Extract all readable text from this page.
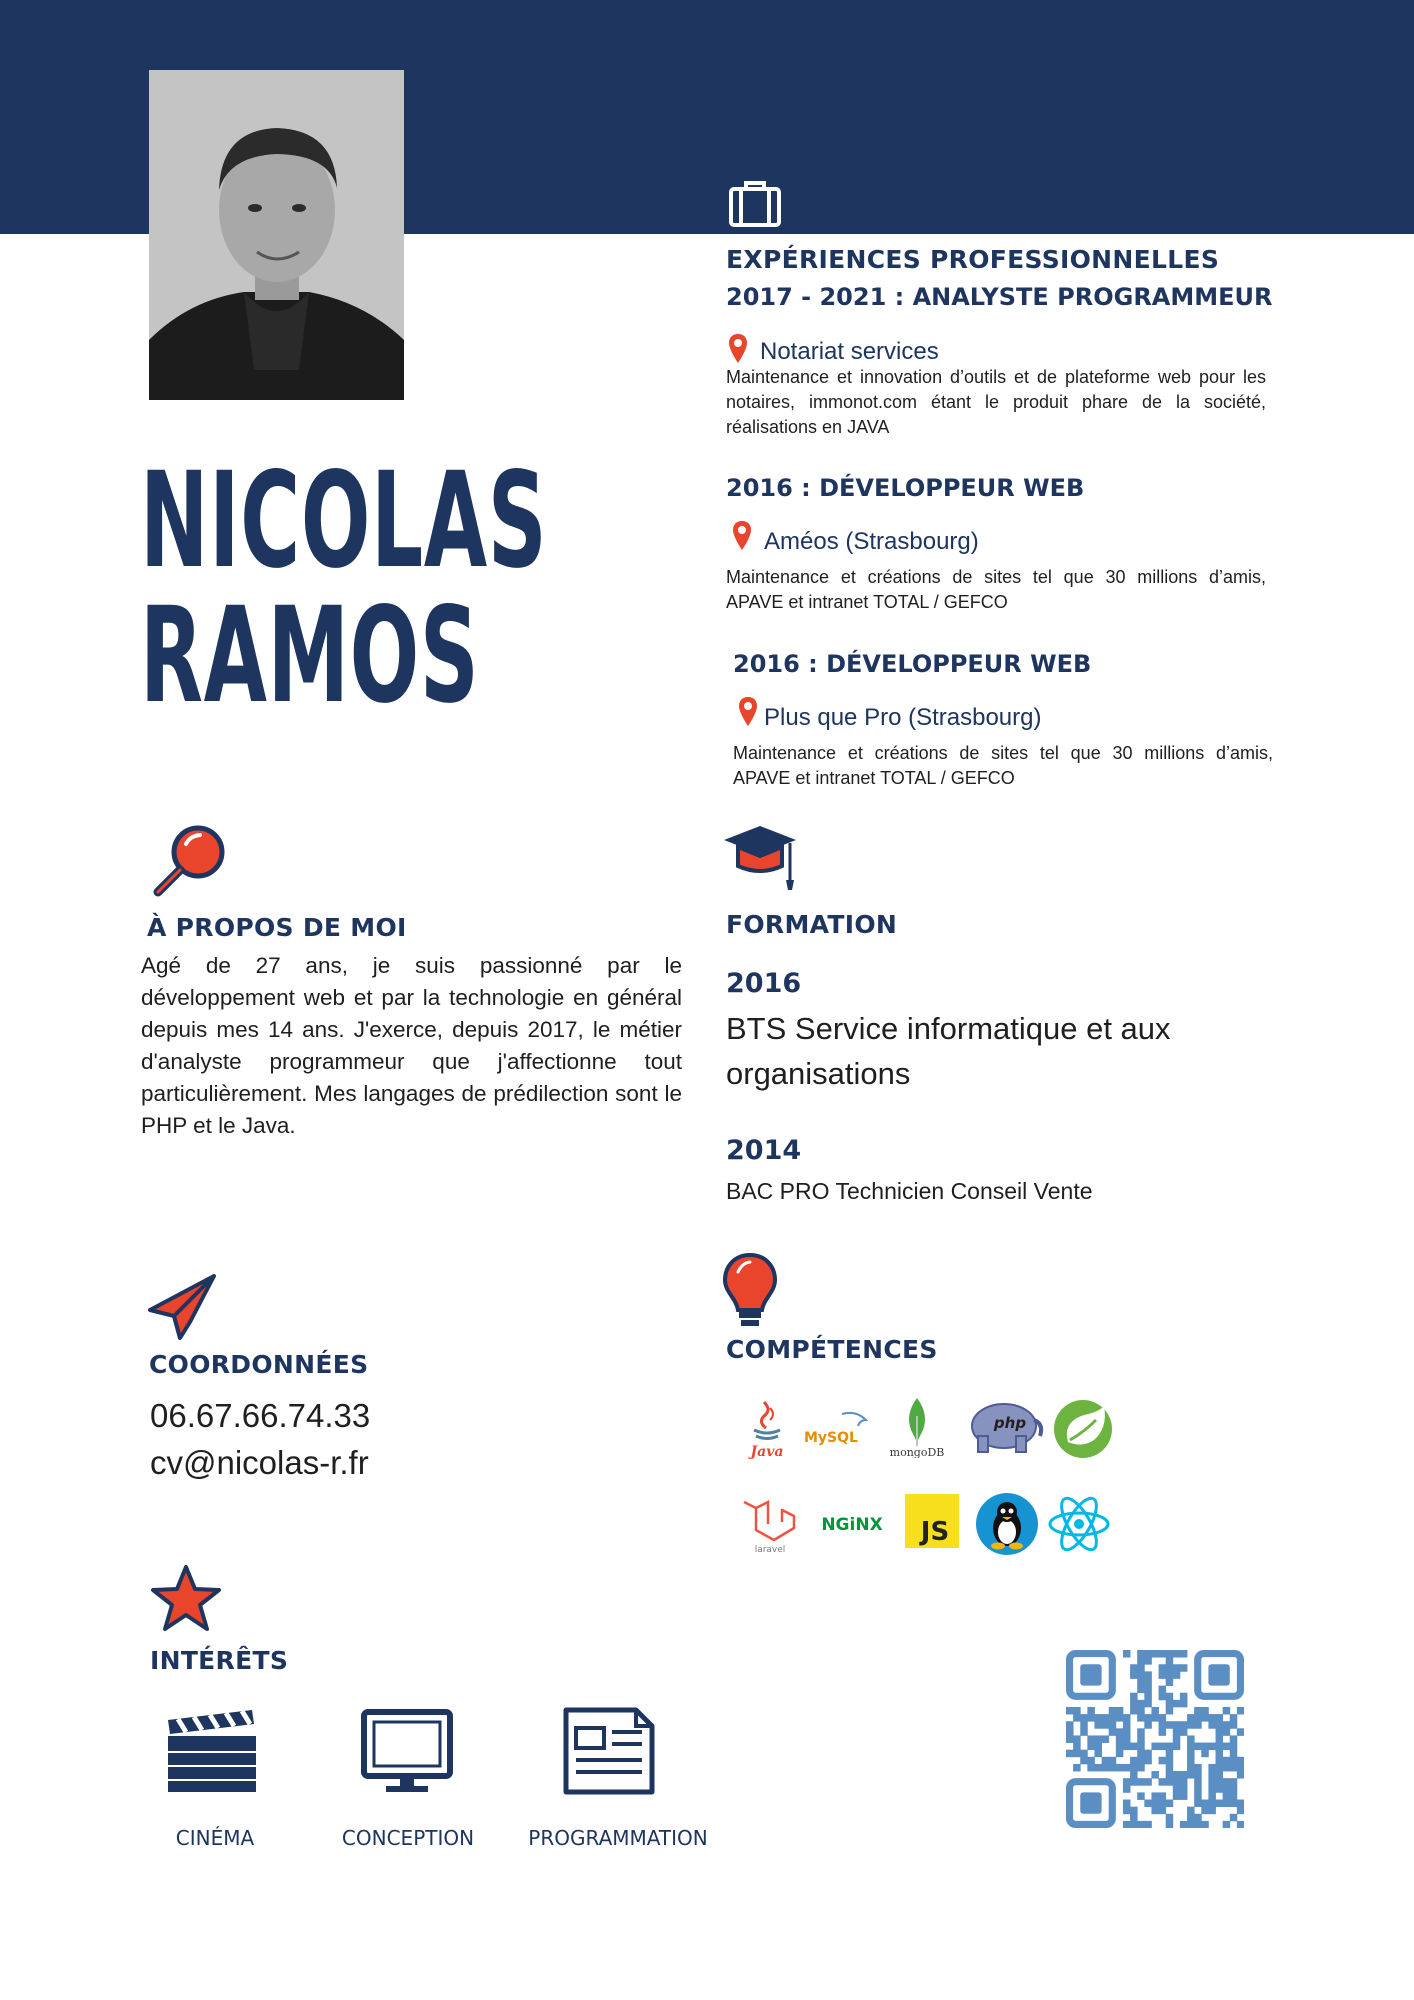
NICOLAS
RAMOS
EXPÉRIENCES PROFESSIONNELLES
2017 - 2021 : ANALYSTE PROGRAMMEUR
Notariat services
Maintenance et innovation d’outils et de plateforme web pour les notaires, immonot.com étant le produit phare de la société, réalisations en JAVA
2016 : DÉVELOPPEUR WEB
Améos (Strasbourg)
Maintenance et créations de sites tel que 30 millions d’amis, APAVE et intranet TOTAL / GEFCO
2016 : DÉVELOPPEUR WEB
Plus que Pro (Strasbourg)
Maintenance et créations de sites tel que 30 millions d’amis, APAVE et intranet TOTAL / GEFCO
À PROPOS DE MOI
Agé de 27 ans, je suis passionné par le développement web et par la technologie en général depuis mes 14 ans. J'exerce, depuis 2017, le métier d'analyste programmeur que j'affectionne tout particulièrement. Mes langages de prédilection sont le PHP et le Java.
FORMATION
2016
BTS Service informatique et aux organisations
2014
BAC PRO Technicien Conseil Vente
COORDONNÉES
06.67.66.74.33
cv@nicolas-r.fr
COMPÉTENCES
Java
MySQL
mongoDB
php
laravel
NGiNX JS
INTÉRÊTS
CINÉMA	CONCEPTION	PROGRAMMATION
